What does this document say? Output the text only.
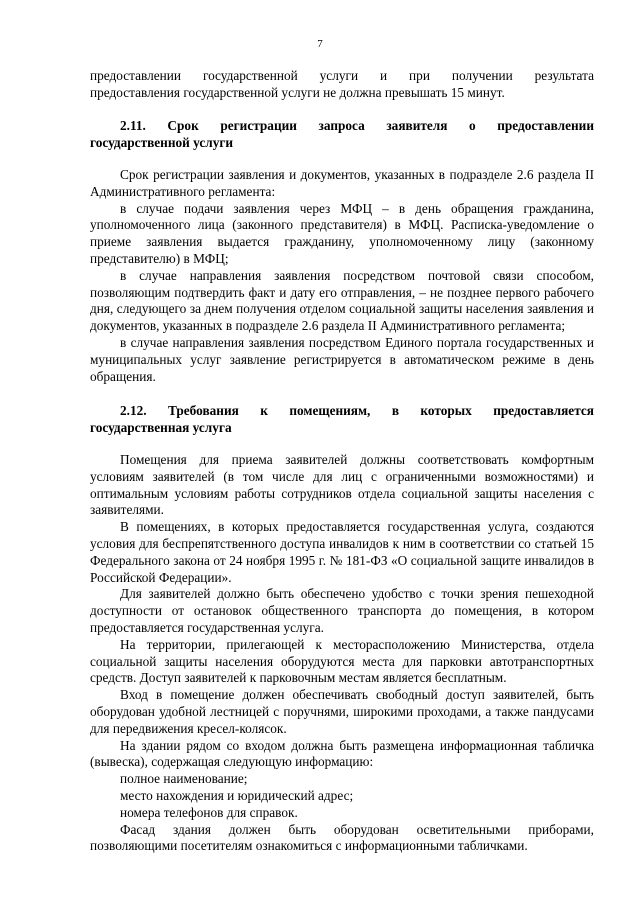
7
предоставлении государственной услуги и при получении результата
предоставления государственной услуги не должна превышать 15 минут.
2.11. Срок регистрации запроса заявителя о предоставлении
государственной услуги

Срок регистрации заявления и документов, указанных в подразделе 2.6 раздела II Административного регламента:

в случае подачи заявления через МФЦ – в день обращения гражданина, уполномоченного лица (законного представителя) в МФЦ. Расписка-уведомление о приеме заявления выдается гражданину, уполномоченному лицу (законному представителю) в МФЦ;

в случае направления заявления посредством почтовой связи способом, позволяющим подтвердить факт и дату его отправления, – не позднее первого рабочего дня, следующего за днем получения отделом социальной защиты населения заявления и документов, указанных в подразделе 2.6 раздела II Административного регламента;

в случае направления заявления посредством Единого портала государственных и муниципальных услуг заявление регистрируется в автоматическом режиме в день обращения.

2.12. Требования к помещениям, в которых предоставляется
государственная услуга

Помещения для приема заявителей должны соответствовать комфортным условиям заявителей (в том числе для лиц с ограниченными возможностями) и оптимальным условиям работы сотрудников отдела социальной защиты населения с заявителями.

В помещениях, в которых предоставляется государственная услуга, создаются условия для беспрепятственного доступа инвалидов к ним в соответствии со статьей 15 Федерального закона от 24 ноября 1995 г. № 181-ФЗ «О социальной защите инвалидов в Российской Федерации».

Для заявителей должно быть обеспечено удобство с точки зрения пешеходной доступности от остановок общественного транспорта до помещения, в котором предоставляется государственная услуга.

На территории, прилегающей к месторасположению Министерства, отдела социальной защиты населения оборудуются места для парковки автотранспортных средств. Доступ заявителей к парковочным местам является бесплатным.

Вход в помещение должен обеспечивать свободный доступ заявителей, быть оборудован удобной лестницей с поручнями, широкими проходами, а также пандусами для передвижения кресел-колясок.

На здании рядом со входом должна быть размещена информационная табличка (вывеска), содержащая следующую информацию:

полное наименование;

место нахождения и юридический адрес;

номера телефонов для справок.

Фасад здания должен быть оборудован осветительными приборами, позволяющими посетителям ознакомиться с информационными табличками.
